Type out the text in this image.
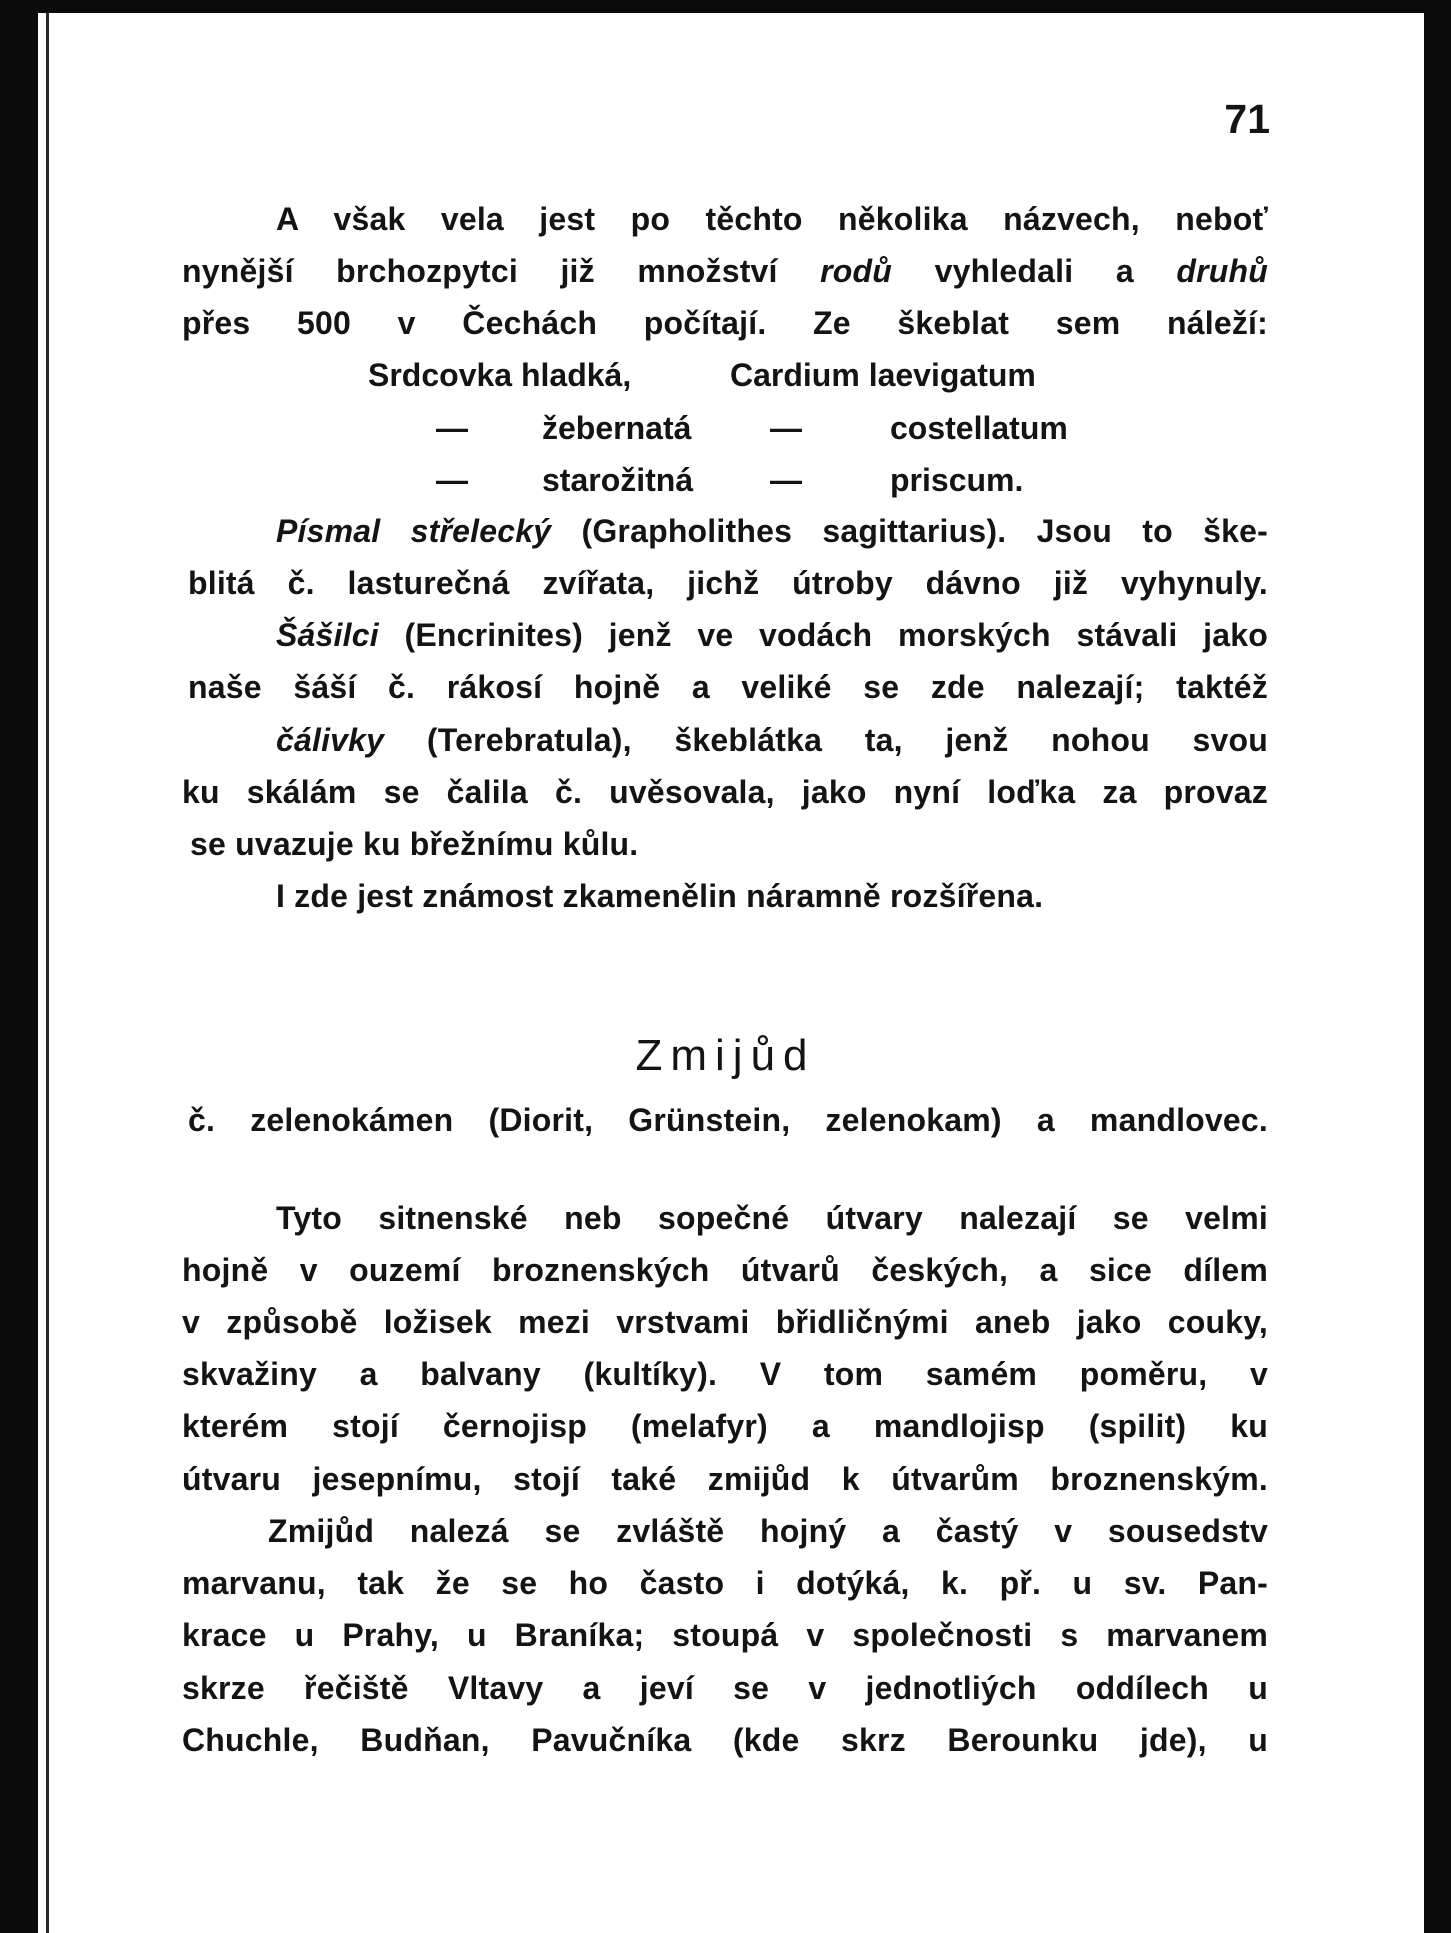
71
A však vela jest po těchto několika názvech, neboť
nynější brchozpytci již množství rodů vyhledali a druhů
přes 500 v Čechách počítají. Ze škeblat sem náleží:
Srdcovka hladká,	Cardium laevigatum
— žebernatá —	costellatum
— starožitná —	priscum.
Písmal střelecký (Grapholithes sagittarius). Jsou to ške-
blitá č. lasturečná zvířata, jichž útroby dávno již vyhynuly.
Šášilci (Encrinites) jenž ve vodách morských stávali jako
naše šáší č. rákosí hojně a veliké se zde nalezají; taktéž
čálivky (Terebratula), škeblátka ta, jenž nohou svou
ku skálám se čalila č. uvěsovala, jako nyní loďka za provaz
se uvazuje ku břežnímu kůlu.
I zde jest známost zkamenělin náramně rozšířena.
Zmijůd
č. zelenokámen (Diorit, Grünstein, zelenokam) a mandlovec.
Tyto sitnenské neb sopečné útvary nalezají se velmi
hojně v ouzemí broznenských útvarů českých, a sice dílem
v způsobě ložisek mezi vrstvami břidličnými aneb jako couky,
skvažiny a balvany (kultíky). V tom samém poměru, v
kterém stojí černojisp (melafyr) a mandlojisp (spilit) ku
útvaru jesepnímu, stojí také zmijůd k útvarům broznenským.
Zmijůd nalezá se zvláště hojný a častý v sousedstv
marvanu, tak že se ho často i dotýká, k. př. u sv. Pan-
krace u Prahy, u Braníka; stoupá v společnosti s marvanem
skrze řečiště Vltavy a jeví se v jednotliých oddílech u
Chuchle, Budňan, Pavučníka (kde skrz Berounku jde), u
